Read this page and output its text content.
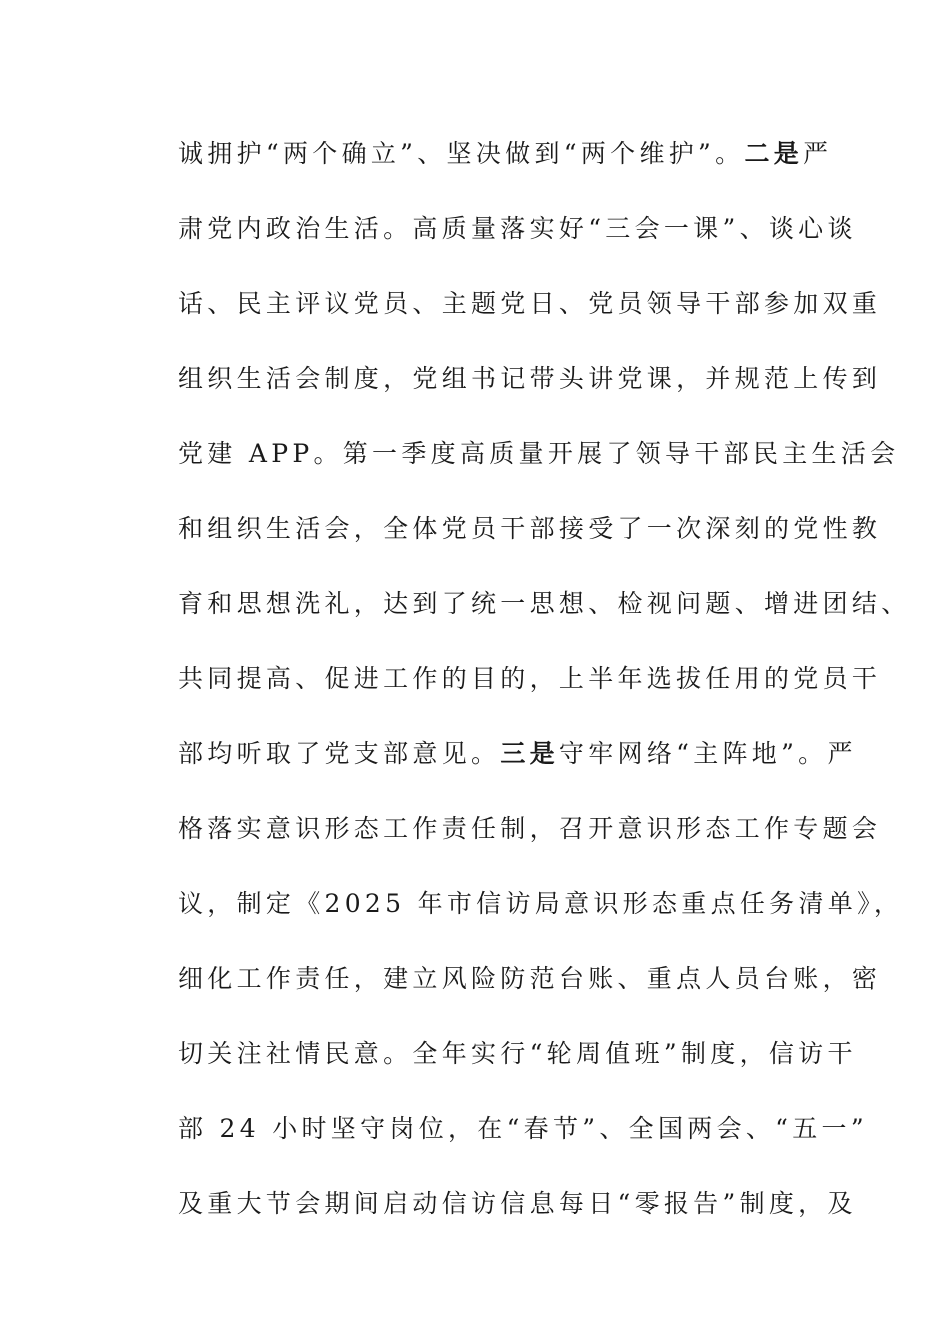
诚拥护“两个确立”、坚决做到“两个维护”。二是严
肃党内政治生活。高质量落实好“三会一课”、谈心谈
话、民主评议党员、主题党日、党员领导干部参加双重
组织生活会制度，党组书记带头讲党课，并规范上传到
党建 APP。第一季度高质量开展了领导干部民主生活会
和组织生活会，全体党员干部接受了一次深刻的党性教
育和思想洗礼，达到了统一思想、检视问题、增进团结、
共同提高、促进工作的目的，上半年选拔任用的党员干
部均听取了党支部意见。三是守牢网络“主阵地”。严
格落实意识形态工作责任制，召开意识形态工作专题会
议，制定《2025 年市信访局意识形态重点任务清单》，
细化工作责任，建立风险防范台账、重点人员台账，密
切关注社情民意。全年实行“轮周值班”制度，信访干
部 24 小时坚守岗位，在“春节”、全国两会、“五一”
及重大节会期间启动信访信息每日“零报告”制度，及
